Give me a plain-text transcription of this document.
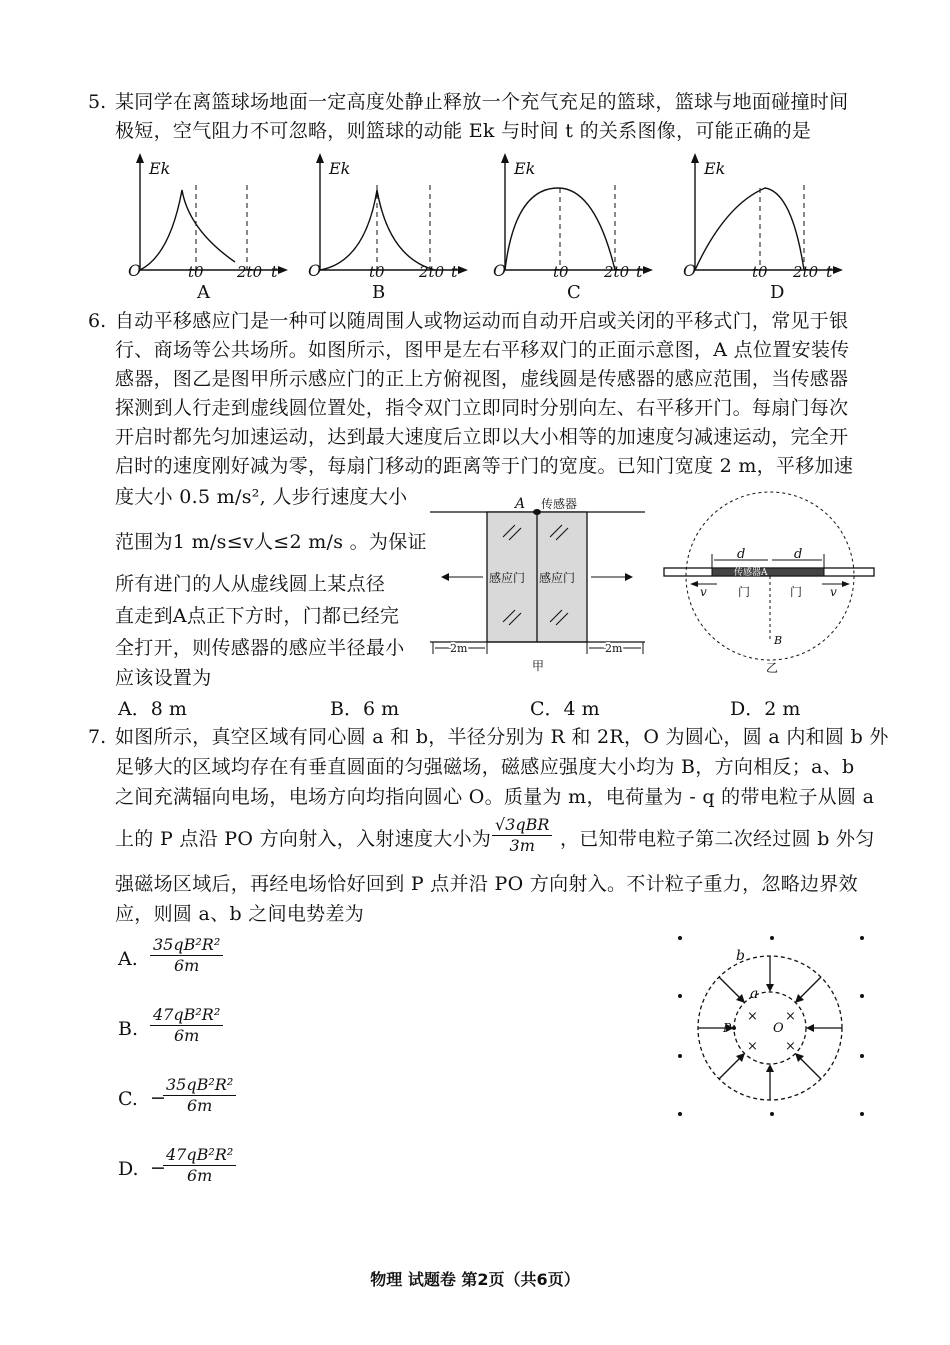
5. 某同学在离篮球场地面一定高度处静止释放一个充气充足的篮球，篮球与地面碰撞时间
极短，空气阻力不可忽略，则篮球的动能 Ek 与时间 t 的关系图像，可能正确的是
Ek
O	t0 2t0 t
A
Ek
O	t0 2t0 t
B
Ek
O	t0 2t0 t
C
Ek
O	t0 2t0 t
D
6. 自动平移感应门是一种可以随周围人或物运动而自动开启或关闭的平移式门，常见于银
行、商场等公共场所。如图所示，图甲是左右平移双门的正面示意图，A 点位置安装传
感器，图乙是图甲所示感应门的正上方俯视图，虚线圆是传感器的感应范围，当传感器
探测到人行走到虚线圆位置处，指令双门立即同时分别向左、右平移开门。每扇门每次
开启时都先匀加速运动，达到最大速度后立即以大小相等的加速度匀减速运动，完全开
启时的速度刚好减为零，每扇门移动的距离等于门的宽度。已知门宽度 2 m，平移加速
度大小 0.5 m/s², 人步行速度大小
范围为1 m/s≤v人≤2 m/s 。为保证
所有进门的人从虚线圆上某点径
直走到A点正下方时，门都已经完
全打开，则传感器的感应半径最小
应该设置为
A 传感器
感应门 感应门
2m	2m
甲
d	d
传感器A
v	门	门 v
B
乙
A．8 m	B．6 m	C．4 m	D．2 m
7. 如图所示，真空区域有同心圆 a 和 b，半径分别为 R 和 2R，O 为圆心，圆 a 内和圆 b 外
足够大的区域均存在有垂直圆面的匀强磁场，磁感应强度大小均为 B，方向相反；a、b
之间充满辐向电场，电场方向均指向圆心 O。质量为 m，电荷量为 - q 的带电粒子从圆 a
上的 P 点沿 PO 方向射入，入射速度大小为
√3qBR
3m	，已知带电粒子第二次经过圆 b 外匀
强磁场区域后，再经电场恰好回到 P 点并沿 PO 方向射入。不计粒子重力，忽略边界效
应，则圆 a、b 之间电势差为
A. $\frac{\text{35qB²R²}}{6m}$
B. $\frac{\text{47qB²R²}}{6m}$
C. −
$\frac{\text{35qB²R²}}{6m}$
D. −
$\frac{\text{47qB²R²}}{6m}$
× ×
× ×
b
a
P	O
物理 试题卷 第2页（共6页）
